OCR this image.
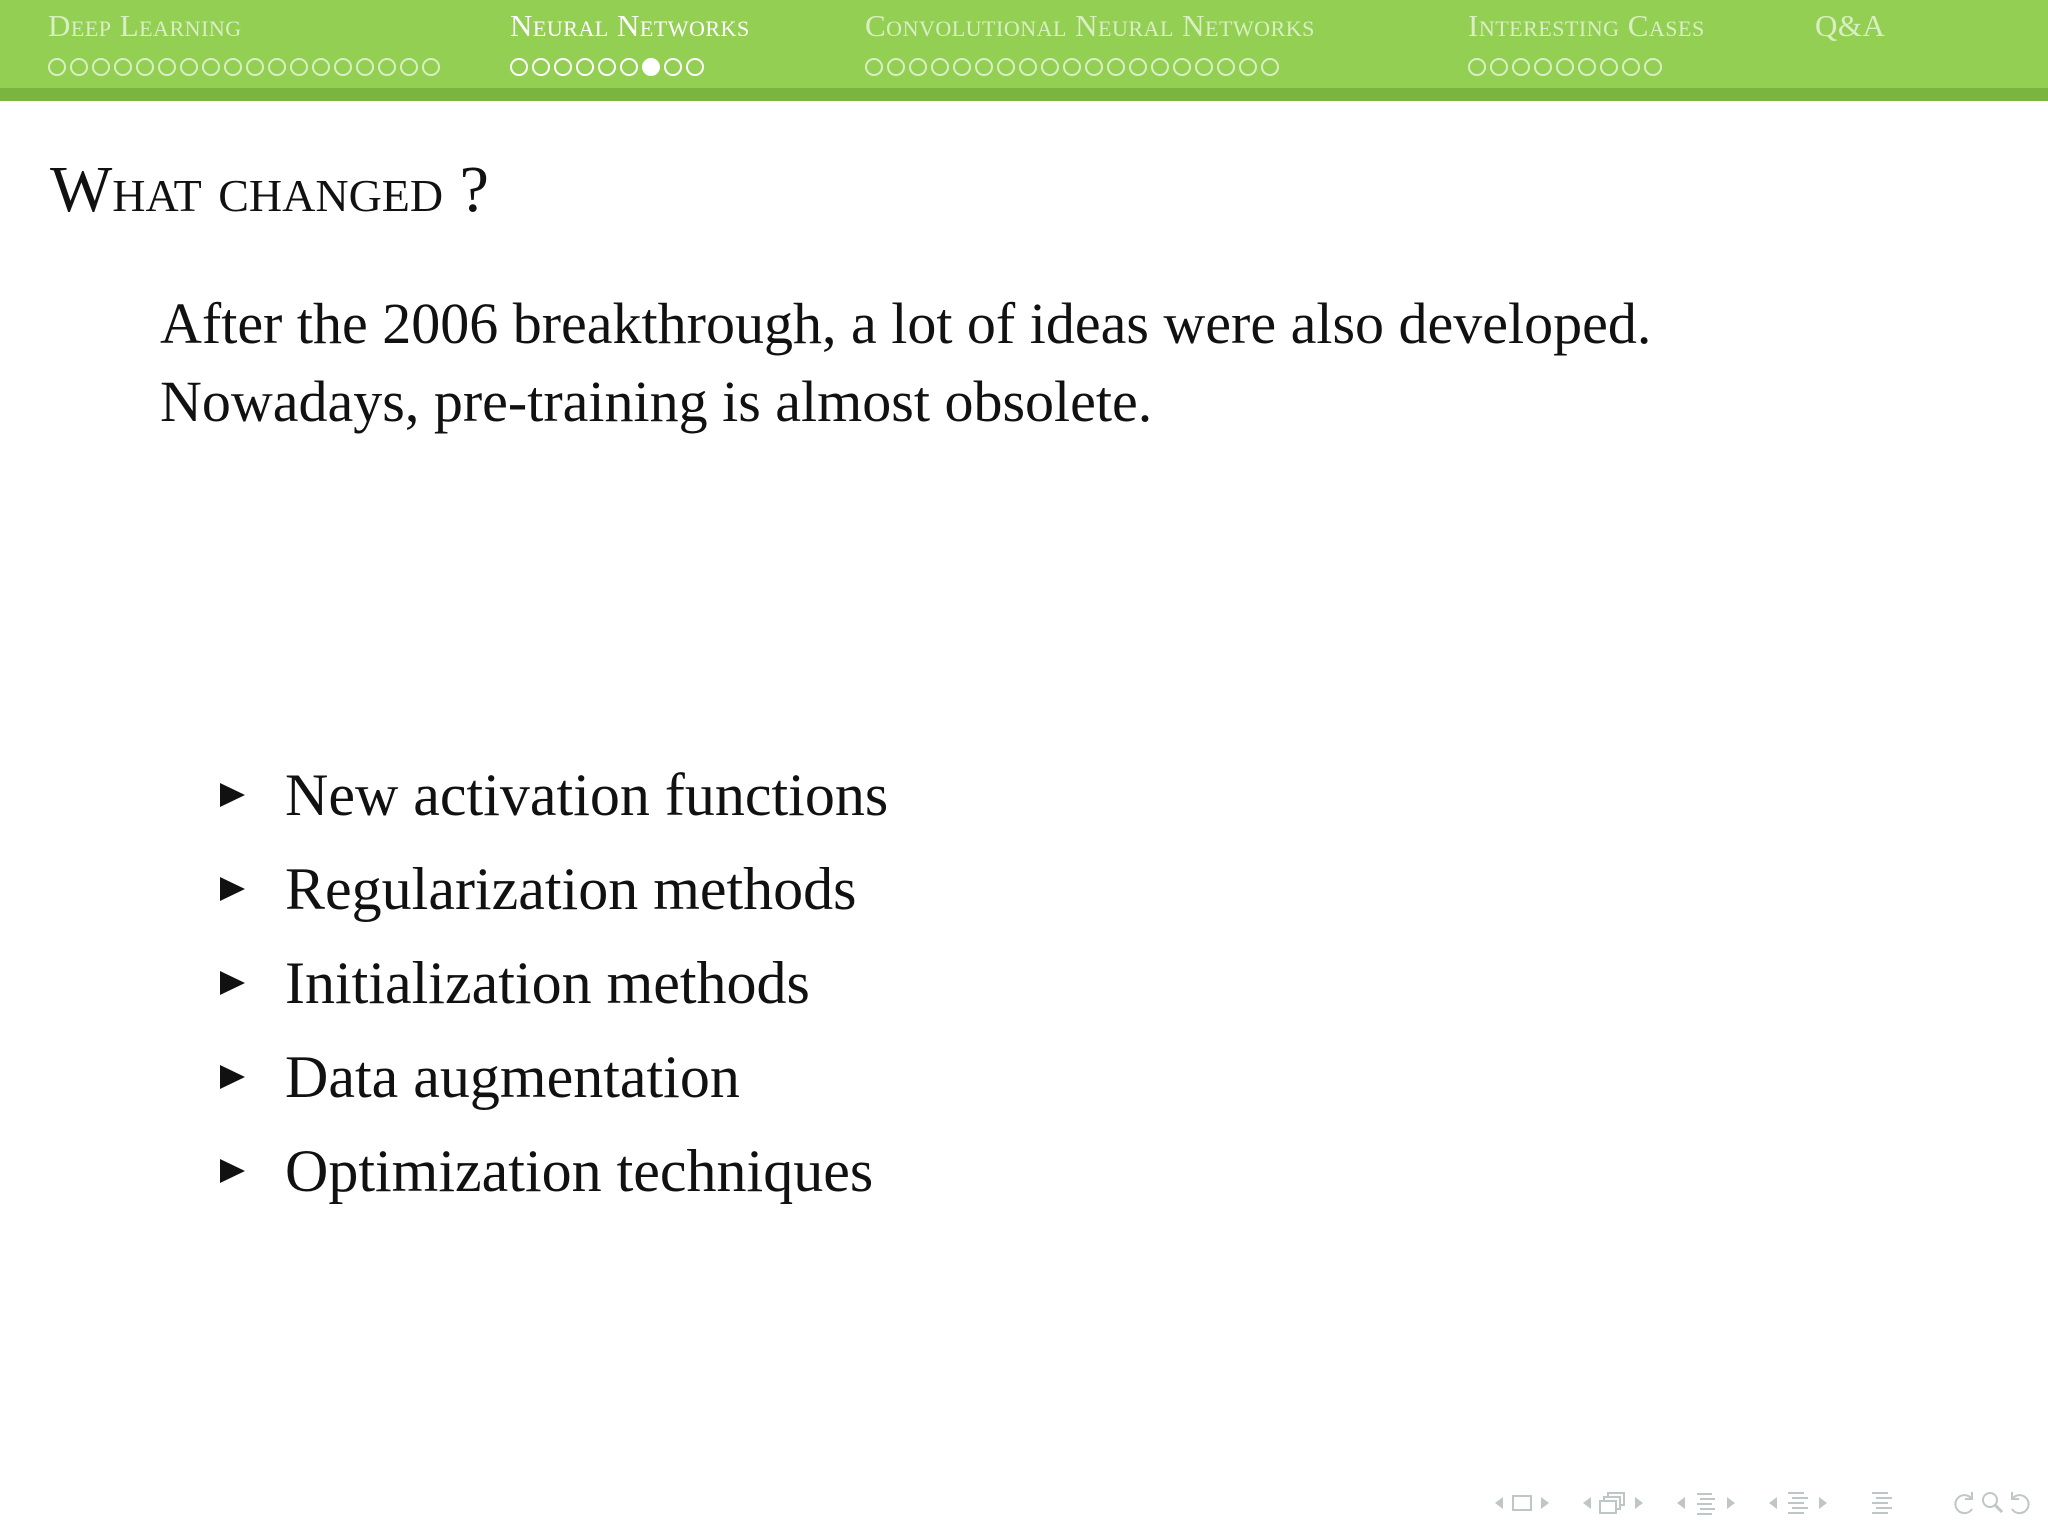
Deep Learning	Neural Networks	Convolutional Neural Networks	Interesting Cases	Q&A
What changed ?

After the 2006 breakthrough, a lot of ideas were also developed.
Nowadays, pre-training is almost obsolete.

New activation functions
Regularization methods
Initialization methods
Data augmentation
Optimization techniques
